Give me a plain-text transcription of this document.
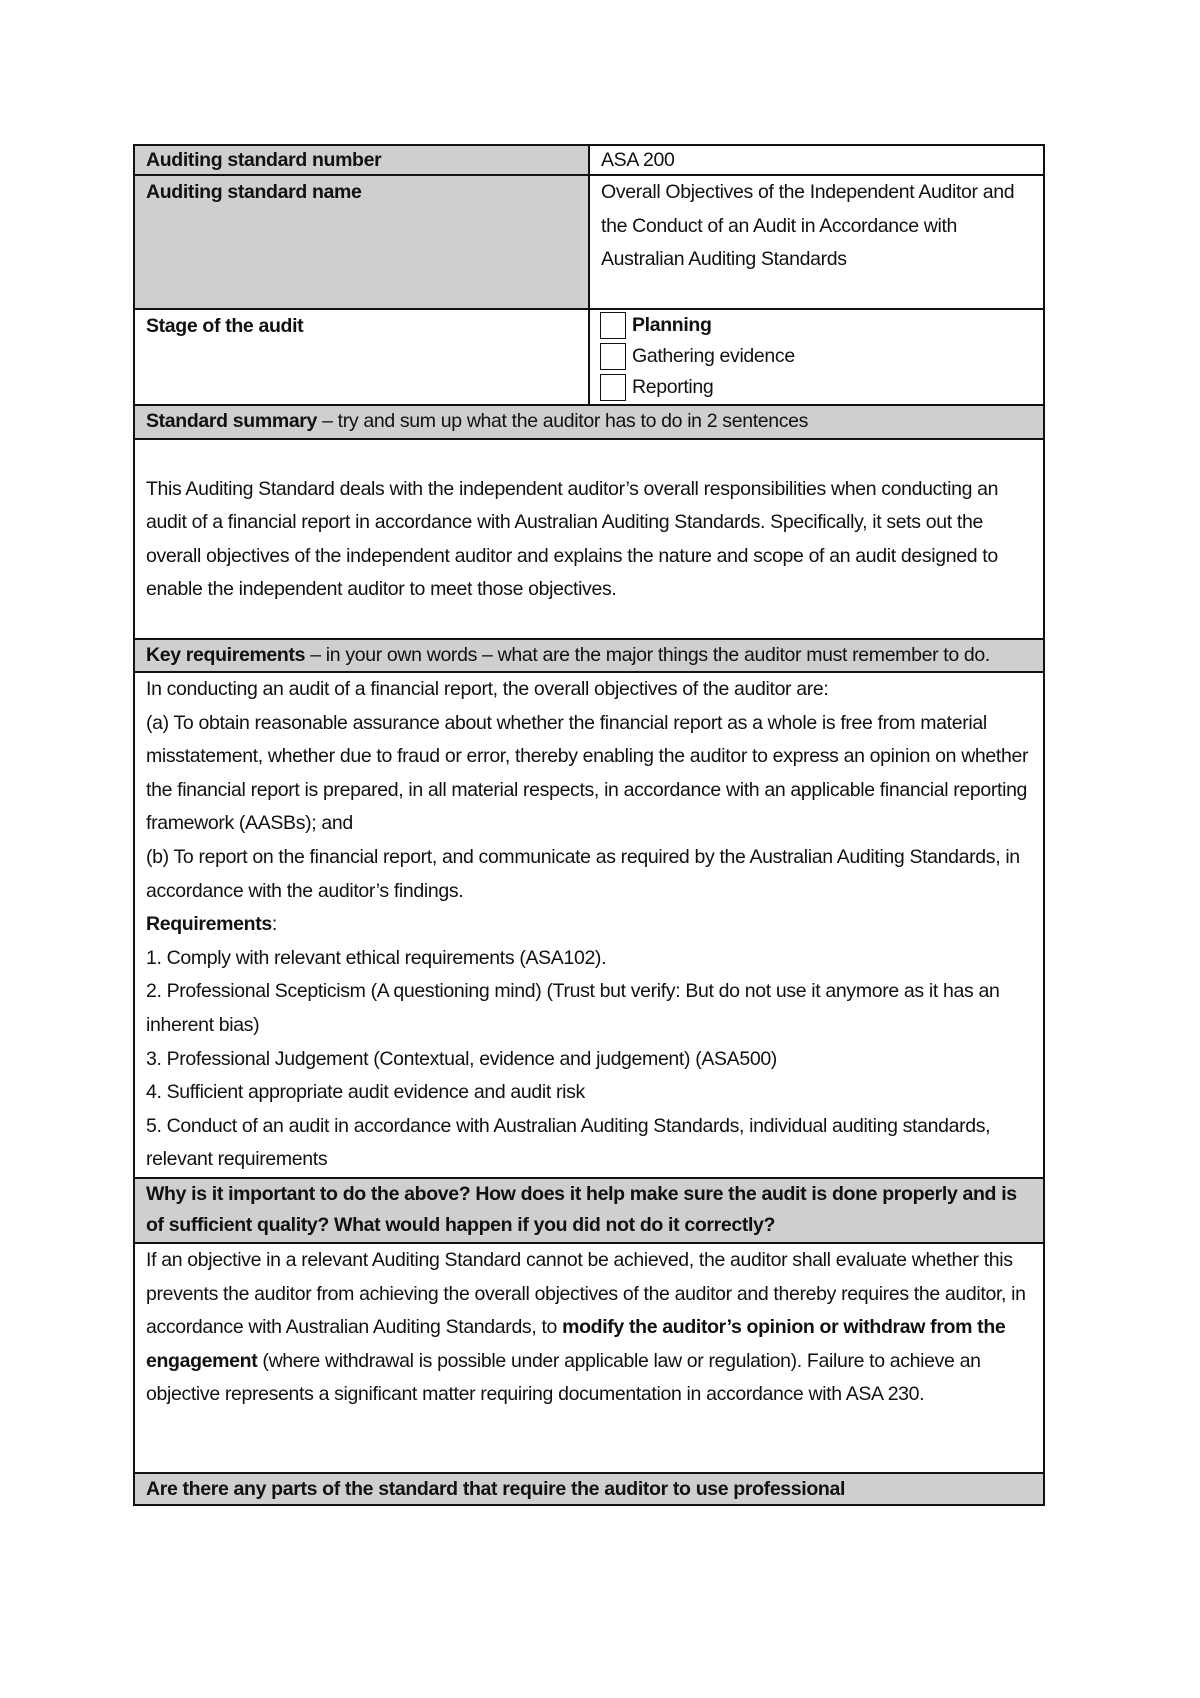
Auditing standard number	ASA 200
Auditing standard name	Overall Objectives of the Independent Auditor and the Conduct of an Audit in Accordance with Australian Auditing Standards
Stage of the audit	Planning
Gathering evidence
Reporting

Standard summary – try and sum up what the auditor has to do in 2 sentences	

This Auditing Standard deals with the independent auditor’s overall responsibilities when conducting an audit of a financial report in accordance with Australian Auditing Standards. Specifically, it sets out the overall objectives of the independent auditor and explains the nature and scope of an audit designed to enable the independent auditor to meet those objectives.	

Key requirements – in your own words – what are the major things the auditor must remember to do.	

In conducting an audit of a financial report, the overall objectives of the auditor are:

(a) To obtain reasonable assurance about whether the financial report as a whole is free from material misstatement, whether due to fraud or error, thereby enabling the auditor to express an opinion on whether the financial report is prepared, in all material respects, in accordance with an applicable financial reporting framework (AASBs); and

(b) To report on the financial report, and communicate as required by the Australian Auditing Standards, in accordance with the auditor’s findings.

Requirements:

1. Comply with relevant ethical requirements (ASA102).

2. Professional Scepticism (A questioning mind) (Trust but verify: But do not use it anymore as it has an inherent bias)

3. Professional Judgement (Contextual, evidence and judgement) (ASA500)

4. Sufficient appropriate audit evidence and audit risk

5. Conduct of an audit in accordance with Australian Auditing Standards, individual auditing standards, relevant requirements

Why is it important to do the above? How does it help make sure the audit is done properly and is of sufficient quality? What would happen if you did not do it correctly?	

If an objective in a relevant Auditing Standard cannot be achieved, the auditor shall evaluate whether this prevents the auditor from achieving the overall objectives of the auditor and thereby requires the auditor, in accordance with Australian Auditing Standards, to modify the auditor’s opinion or withdraw from the engagement (where withdrawal is possible under applicable law or regulation). Failure to achieve an objective represents a significant matter requiring documentation in accordance with ASA 230.	

Are there any parts of the standard that require the auditor to use professional	
